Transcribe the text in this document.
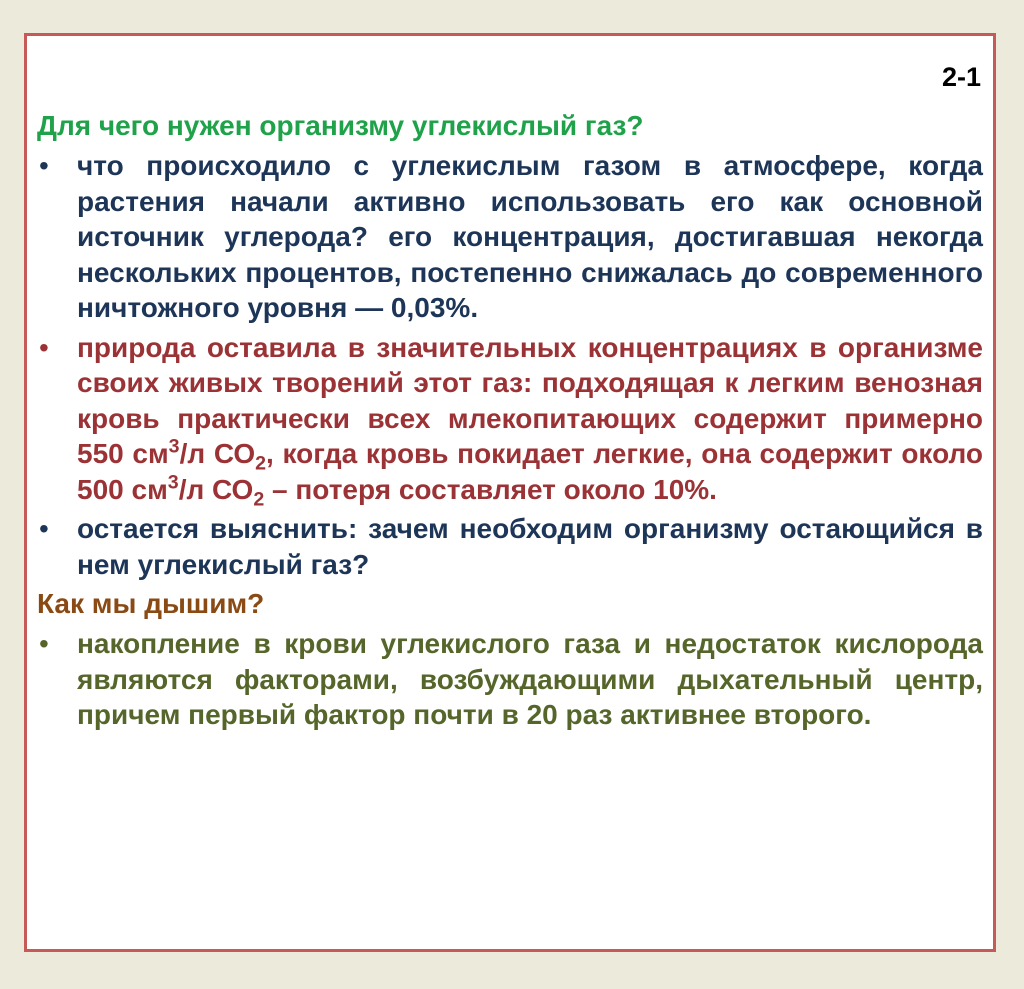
2-1

Для чего нужен организму углекислый газ?

• что происходило с углекислым газом в атмосфере, когда растения начали активно использовать его как основной источник углерода? его концентрация, достигавшая некогда нескольких процентов, постепенно снижалась до современного ничтожного уровня — 0,03%.
• природа оставила в значительных концентрациях в организме своих живых творений этот газ: подходящая к легким венозная кровь практически всех млекопитающих содержит примерно 550 $см^3/л$ $СО_2$, когда кровь покидает легкие, она содержит около 500 $см^3/л$ $СО_2$ – потеря составляет около 10%.
• остается выяснить: зачем необходим организму остающийся в нем углекислый газ?

Как мы дышим?

• накопление в крови углекислого газа и недостаток кислорода являются факторами, возбуждающими дыхательный центр, причем первый фактор почти в 20 раз активнее второго.
